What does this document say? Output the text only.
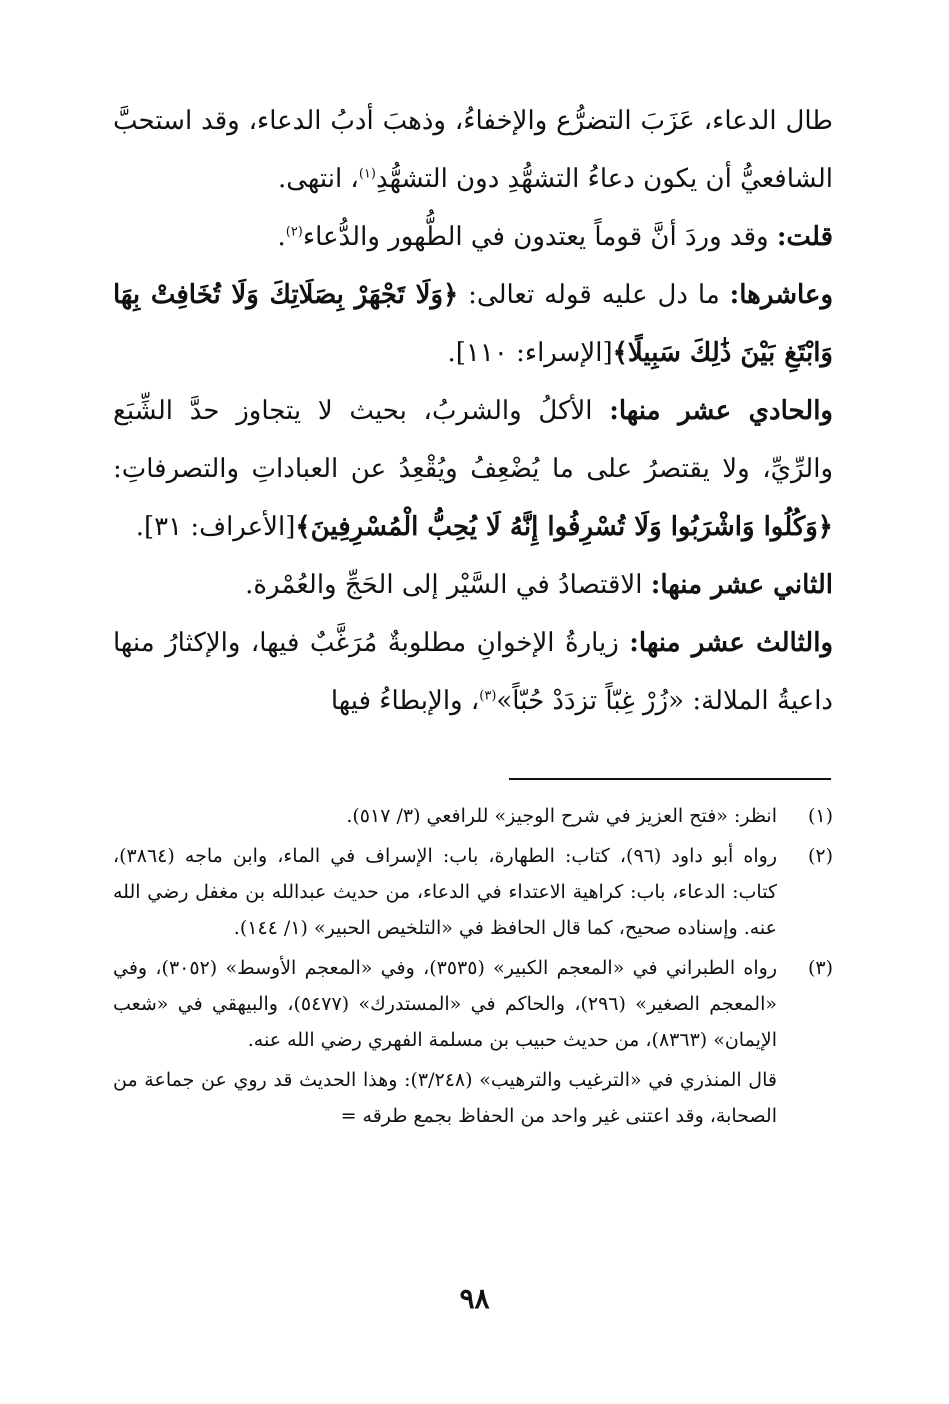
طال الدعاء، عَزَبَ التضرُّع والإخفاءُ، وذهبَ أدبُ الدعاء، وقد استحبَّ الشافعيُّ أن يكون دعاءُ التشهُّدِ دون التشهُّدِ$^{(١)}$، انتهى.

قلت: وقد وردَ أنَّ قوماً يعتدون في الطُّهور والدُّعاء$^{(٢)}$.

وعاشرها: ما دل عليه قوله تعالى: ﴿وَلَا تَجْهَرْ بِصَلَاتِكَ وَلَا تُخَافِتْ بِهَا وَابْتَغِ بَيْنَ ذَٰلِكَ سَبِيلًا﴾[الإسراء: ١١٠].

والحادي عشر منها: الأكلُ والشربُ، بحيث لا يتجاوز حدَّ الشِّبَع والرِّيِّ، ولا يقتصرُ على ما يُضْعِفُ ويُقْعِدُ عن العباداتِ والتصرفاتِ: ﴿وَكُلُوا وَاشْرَبُوا وَلَا تُسْرِفُوا إِنَّهُ لَا يُحِبُّ الْمُسْرِفِينَ﴾[الأعراف: ٣١].

الثاني عشر منها: الاقتصادُ في السَّيْر إلى الحَجِّ والعُمْرة.

والثالث عشر منها: زيارةُ الإخوانِ مطلوبةٌ مُرَغَّبٌ فيها، والإكثارُ منها داعيةُ الملالة: «زُرْ غِبّاً تزدَدْ حُبّاً»$^{(٣)}$، والإبطاءُ فيها

(١)
انظر: «فتح العزيز في شرح الوجيز» للرافعي (٣/ ٥١٧).
(٢)
رواه أبو داود (٩٦)، كتاب: الطهارة، باب: الإسراف في الماء، وابن ماجه (٣٨٦٤)، كتاب: الدعاء، باب: كراهية الاعتداء في الدعاء، من حديث عبدالله بن مغفل رضي الله عنه. وإسناده صحيح، كما قال الحافظ في «التلخيص الحبير» (١/ ١٤٤).
(٣)
رواه الطبراني في «المعجم الكبير» (٣٥٣٥)، وفي «المعجم الأوسط» (٣٠٥٢)، وفي «المعجم الصغير» (٢٩٦)، والحاكم في «المستدرك» (٥٤٧٧)، والبيهقي في «شعب الإيمان» (٨٣٦٣)، من حديث حبيب بن مسلمة الفهري رضي الله عنه.
قال المنذري في «الترغيب والترهيب» (٣/٢٤٨): وهذا الحديث قد روي عن جماعة من الصحابة، وقد اعتنى غير واحد من الحفاظ بجمع طرقه =
٩٨
